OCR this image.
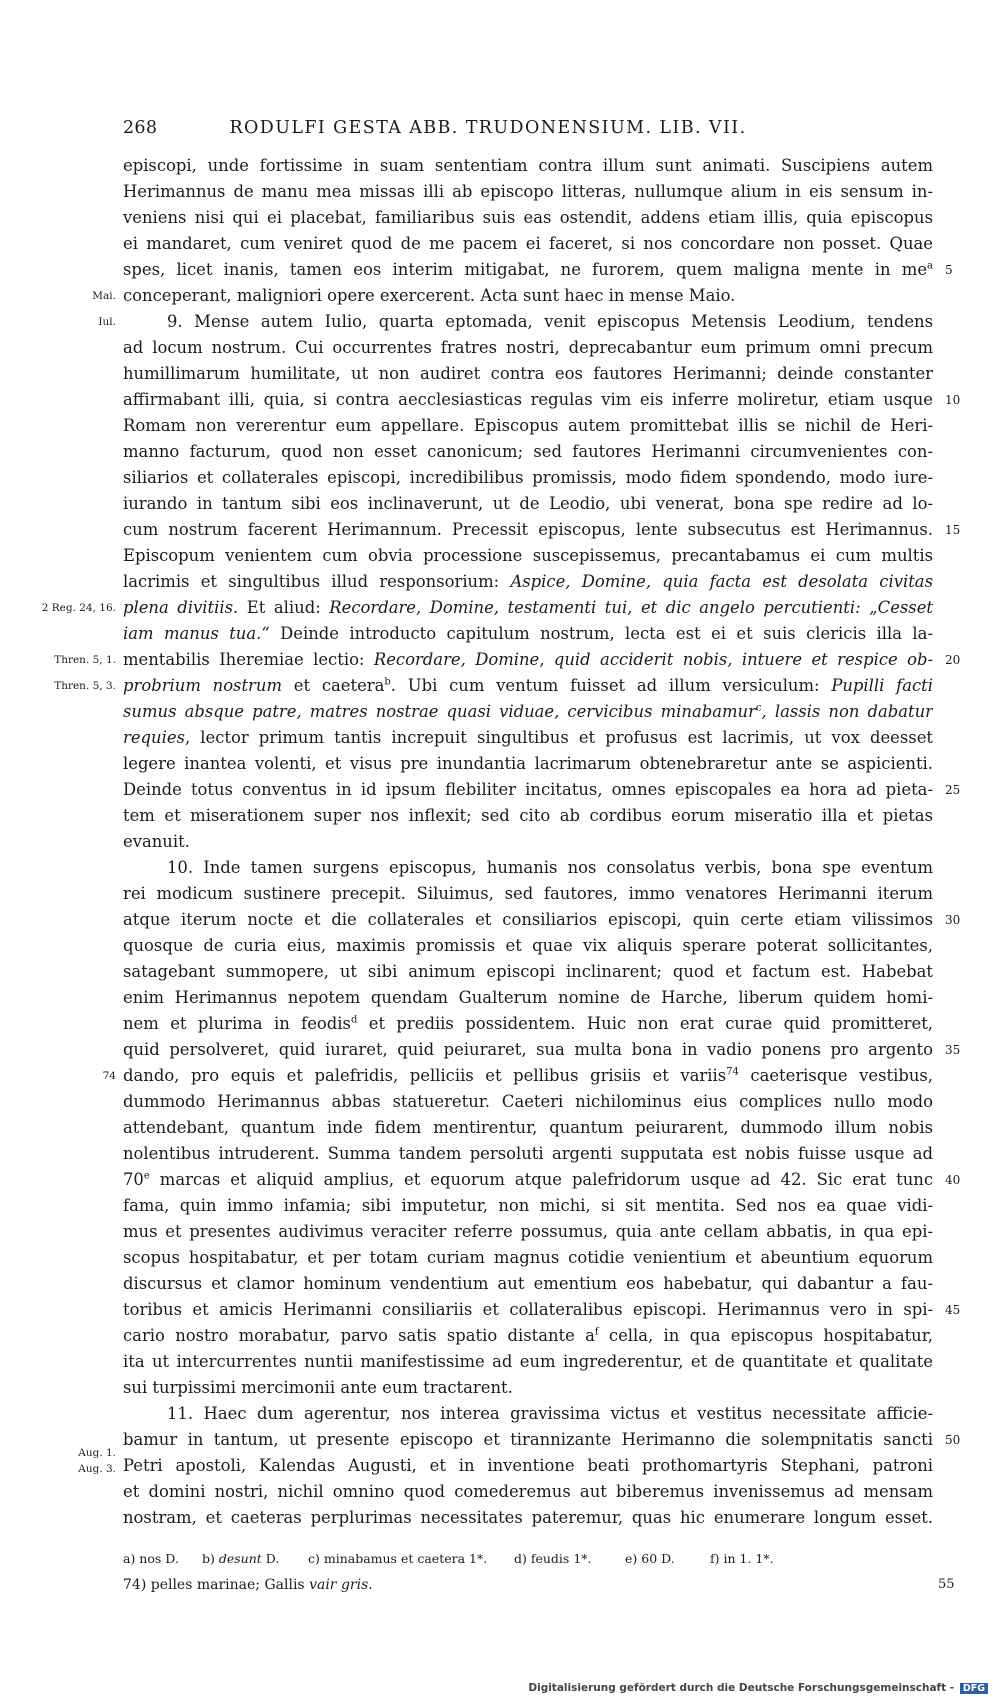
268	RODULFI GESTA ABB. TRUDONENSIUM. LIB. VII.
episcopi, unde fortissime in suam sententiam contra illum sunt animati. Suscipiens autem
Herimannus de manu mea missas illi ab episcopo litteras, nullumque alium in eis sensum in-
veniens nisi qui ei placebat, familiaribus suis eas ostendit, addens etiam illis, quia episcopus
ei mandaret, cum veniret quod de me pacem ei faceret, si nos concordare non posset. Quae
spes, licet inanis, tamen eos interim mitigabat, ne furorem, quem maligna mente in $me^a$
conceperant, maligniori opere exercerent. Acta sunt haec in mense Maio.
9. Mense autem Iulio, quarta eptomada, venit episcopus Metensis Leodium, tendens
ad locum nostrum. Cui occurrentes fratres nostri, deprecabantur eum primum omni precum
humillimarum humilitate, ut non audiret contra eos fautores Herimanni; deinde constanter
affirmabant illi, quia, si contra aecclesiasticas regulas vim eis inferre moliretur, etiam usque
Romam non vererentur eum appellare. Episcopus autem promittebat illis se nichil de Heri-
manno facturum, quod non esset canonicum; sed fautores Herimanni circumvenientes con-
siliarios et collaterales episcopi, incredibilibus promissis, modo fidem spondendo, modo iure-
iurando in tantum sibi eos inclinaverunt, ut de Leodio, ubi venerat, bona spe redire ad lo-
cum nostrum facerent Herimannum. Precessit episcopus, lente subsecutus est Herimannus.
Episcopum venientem cum obvia processione suscepissemus, precantabamus ei cum multis
lacrimis et singultibus illud responsorium: Aspice, Domine, quia facta est desolata civitas
plena divitiis. Et aliud: Recordare, Domine, testamenti tui, et dic angelo percutienti: „Cesset
iam manus tua.“ Deinde introducto capitulum nostrum, lecta est ei et suis clericis illa la-
mentabilis Iheremiae lectio: Recordare, Domine, quid acciderit nobis, intuere et respice ob-
probrium nostrum et caetera$^b$. Ubi cum ventum fuisset ad illum versiculum: Pupilli facti
sumus absque patre, matres nostrae quasi viduae, cervicibus minabamur$^c$, lassis non dabatur
requies, lector primum tantis increpuit singultibus et profusus est lacrimis, ut vox deesset
legere inantea volenti, et visus pre inundantia lacrimarum obtenebraretur ante se aspicienti.
Deinde totus conventus in id ipsum flebiliter incitatus, omnes episcopales ea hora ad pieta-
tem et miserationem super nos inflexit; sed cito ab cordibus eorum miseratio illa et pietas
evanuit.
10. Inde tamen surgens episcopus, humanis nos consolatus verbis, bona spe eventum
rei modicum sustinere precepit. Siluimus, sed fautores, immo venatores Herimanni iterum
atque iterum nocte et die collaterales et consiliarios episcopi, quin certe etiam vilissimos
quosque de curia eius, maximis promissis et quae vix aliquis sperare poterat sollicitantes,
satagebant summopere, ut sibi animum episcopi inclinarent; quod et factum est. Habebat
enim Herimannus nepotem quendam Gualterum nomine de Harche, liberum quidem homi-
nem et plurima in feodis$^d$ et prediis possidentem. Huic non erat curae quid promitteret,
quid persolveret, quid iuraret, quid peiuraret, sua multa bona in vadio ponens pro argento
dando, pro equis et palefridis, pelliciis et pellibus grisiis et variis$^{74}$ caeterisque vestibus,
dummodo Herimannus abbas statueretur. Caeteri nichilominus eius complices nullo modo
attendebant, quantum inde fidem mentirentur, quantum peiurarent, dummodo illum nobis
nolentibus intruderent. Summa tandem persoluti argenti supputata est nobis fuisse usque ad
70e marcas et aliquid amplius, et equorum atque palefridorum usque ad 42. Sic erat tunc
fama, quin immo infamia; sibi imputetur, non michi, si sit mentita. Sed nos ea quae vidi-
mus et presentes audivimus veraciter referre possumus, quia ante cellam abbatis, in qua epi-
scopus hospitabatur, et per totam curiam magnus cotidie venientium et abeuntium equorum
discursus et clamor hominum vendentium aut ementium eos habebatur, qui dabantur a fau-
toribus et amicis Herimanni consiliariis et collateralibus episcopi. Herimannus vero in spi-
cario nostro morabatur, parvo satis spatio distante $a^f$ cella, in qua episcopus hospitabatur,
ita ut intercurrentes nuntii manifestissime ad eum ingrederentur, et de quantitate et qualitate
sui turpissimi mercimonii ante eum tractarent.
11. Haec dum agerentur, nos interea gravissima victus et vestitus necessitate afficie-
bamur in tantum, ut presente episcopo et tirannizante Herimanno die solempnitatis sancti
Petri apostoli, Kalendas Augusti, et in inventione beati prothomartyris Stephani, patroni
et domini nostri, nichil omnino quod comederemus aut biberemus invenissemus ad mensam
nostram, et caeteras perplurimas necessitates pateremur, quas hic enumerare longum esset.
Mai.
Iul.
2 Reg. 24, 16.
Thren. 5, 1.
Thren. 5, 3.
74
Aug. 1.
Aug. 3.
5
10
15
20
25
30
35
40
45
50
a) nos D. b) desunt D. c) minabamus et caetera 1*. d) feudis 1*.	e) 60 D.	f) in 1. 1*.
74) pelles marinae; Gallis vair gris.	55
Digitalisierung gefördert durch die Deutsche Forschungsgemeinschaft - DFG
